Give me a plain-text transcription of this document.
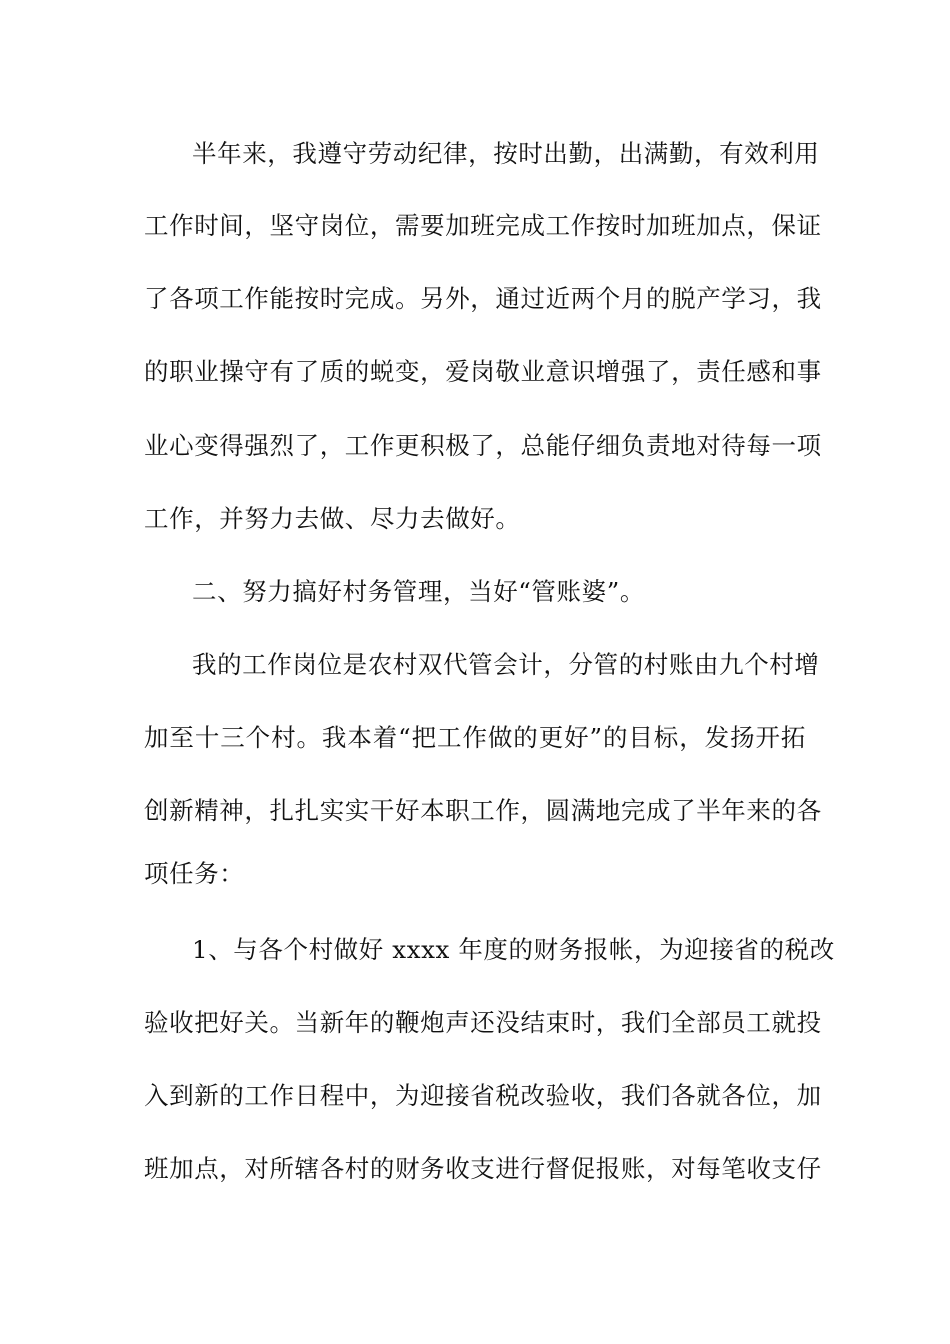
半年来，我遵守劳动纪律，按时出勤，出满勤，有效利用
工作时间，坚守岗位，需要加班完成工作按时加班加点，保证
了各项工作能按时完成。另外，通过近两个月的脱产学习，我
的职业操守有了质的蜕变，爱岗敬业意识增强了，责任感和事
业心变得强烈了，工作更积极了，总能仔细负责地对待每一项
工作，并努力去做、尽力去做好。
二、努力搞好村务管理，当好“管账婆”。
我的工作岗位是农村双代管会计，分管的村账由九个村增
加至十三个村。我本着“把工作做的更好”的目标，发扬开拓
创新精神，扎扎实实干好本职工作，圆满地完成了半年来的各
项任务：
1、与各个村做好 xxxx 年度的财务报帐，为迎接省的税改
验收把好关。当新年的鞭炮声还没结束时，我们全部员工就投
入到新的工作日程中，为迎接省税改验收，我们各就各位，加
班加点，对所辖各村的财务收支进行督促报账，对每笔收支仔
